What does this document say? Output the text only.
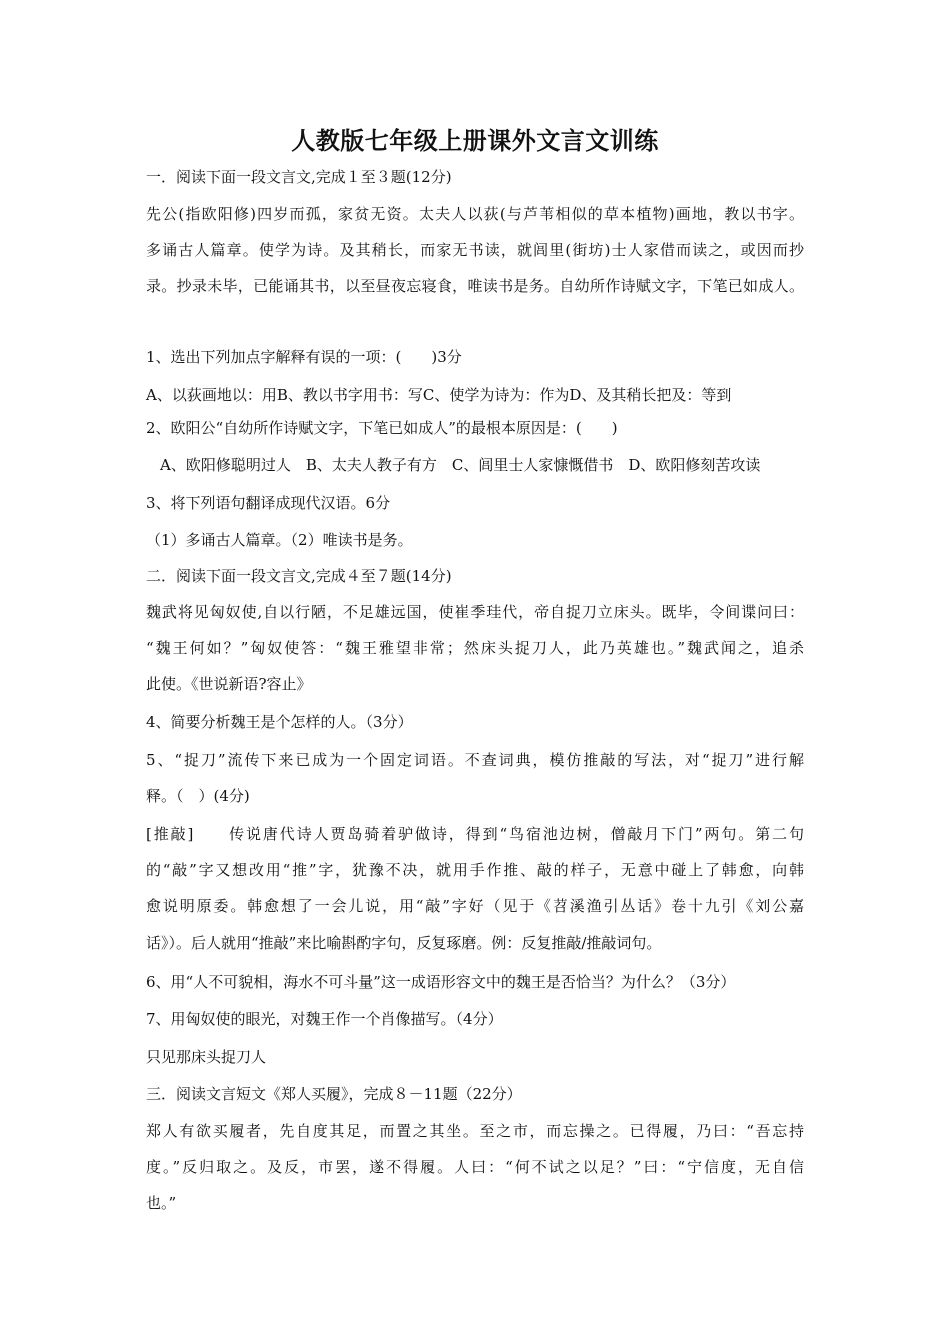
人教版七年级上册课外文言文训练
一．阅读下面一段文言文,完成１至３题(12分)
先公(指欧阳修)四岁而孤，家贫无资。太夫人以荻(与芦苇相似的草本植物)画地，教以书字。
多诵古人篇章。使学为诗。及其稍长，而家无书读，就闾里(街坊)士人家借而读之，或因而抄
录。抄录未毕，已能诵其书，以至昼夜忘寝食，唯读书是务。自幼所作诗赋文字，下笔已如成人。
1、选出下列加点字解释有误的一项：(　　)3分
A、以荻画地以：用B、教以书字用书：写C、使学为诗为：作为D、及其稍长把及：等到
2、欧阳公“自幼所作诗赋文字，下笔已如成人”的最根本原因是：(　　)
A、欧阳修聪明过人　B、太夫人教子有方　C、闾里士人家慷慨借书　D、欧阳修刻苦攻读
3、将下列语句翻译成现代汉语。6分
（1）多诵古人篇章。（2）唯读书是务。
二．阅读下面一段文言文,完成４至７题(14分)
魏武将见匈奴使,自以行陋，不足雄远国，使崔季珪代，帝自捉刀立床头。既毕，令间谍问曰：
“魏王何如？”匈奴使答：“魏王雅望非常；然床头捉刀人，此乃英雄也。”魏武闻之，追杀
此使。《世说新语?容止》
4、简要分析魏王是个怎样的人。（3分）
5、“捉刀”流传下来已成为一个固定词语。不查词典，模仿推敲的写法，对“捉刀”进行解
释。（　）(4分)
[推敲]　　传说唐代诗人贾岛骑着驴做诗，得到“鸟宿池边树，僧敲月下门”两句。第二句
的“敲”字又想改用“推”字，犹豫不决，就用手作推、敲的样子，无意中碰上了韩愈，向韩
愈说明原委。韩愈想了一会儿说，用“敲”字好（见于《苕溪渔引丛话》卷十九引《刘公嘉
话》）。后人就用“推敲”来比喻斟酌字句，反复琢磨。例：反复推敲/推敲词句。
6、用“人不可貌相，海水不可斗量”这一成语形容文中的魏王是否恰当？为什么？（3分）
7、用匈奴使的眼光，对魏王作一个肖像描写。（4分）
只见那床头捉刀人
三．阅读文言短文《郑人买履》，完成８－11题（22分）
郑人有欲买履者，先自度其足，而置之其坐。至之市，而忘操之。已得履，乃曰：“吾忘持
度。”反归取之。及反，市罢，遂不得履。人曰：“何不试之以足？”曰：“宁信度，无自信
也。”
